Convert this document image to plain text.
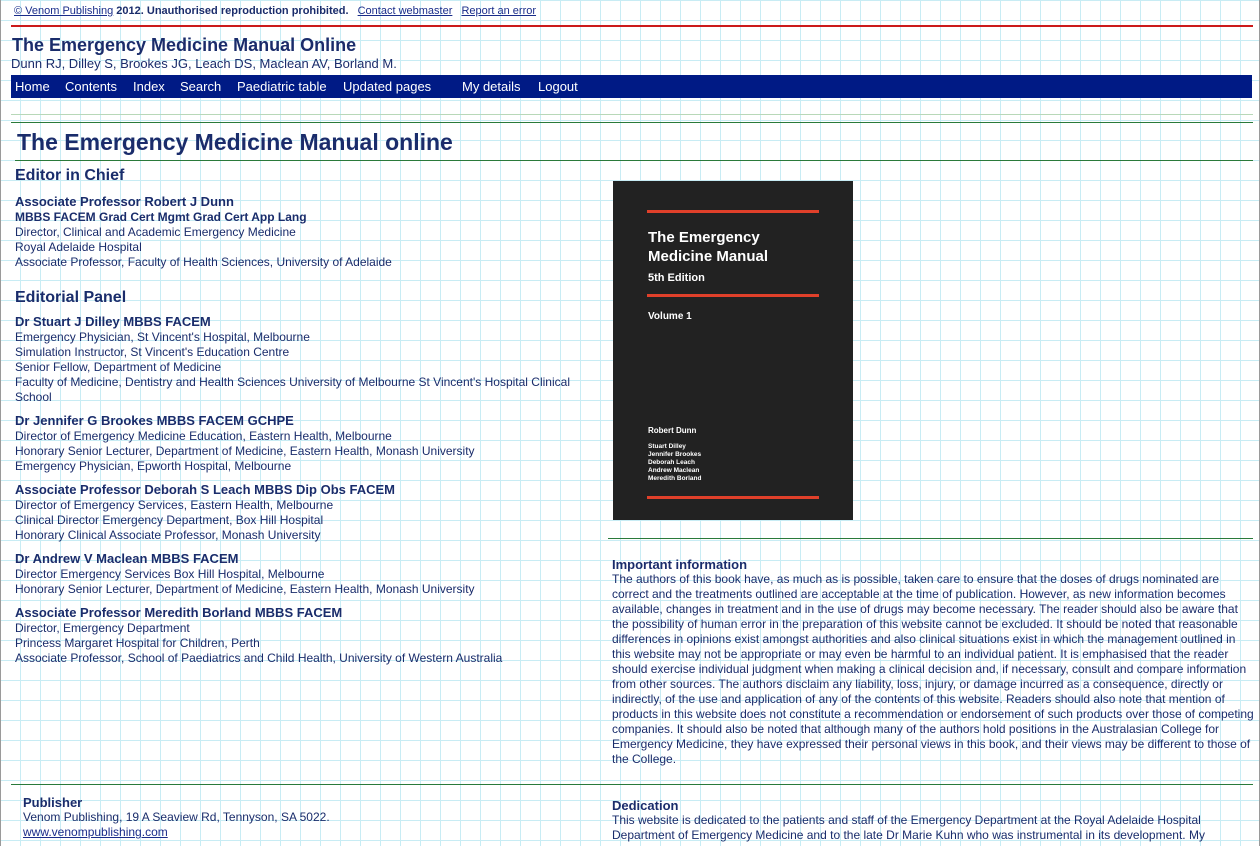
© Venom Publishing 2012. Unauthorised reproduction prohibited. Contact webmaster Report an error
The Emergency Medicine Manual Online
Dunn RJ, Dilley S, Brookes JG, Leach DS, Maclean AV, Borland M.
Home Contents Index Search Paediatric table Updated pages My details Logout
The Emergency Medicine Manual online
Editor in Chief
Associate Professor Robert J Dunn
MBBS FACEM Grad Cert Mgmt Grad Cert App Lang
Director, Clinical and Academic Emergency Medicine
Royal Adelaide Hospital
Associate Professor, Faculty of Health Sciences, University of Adelaide
Editorial Panel
Dr Stuart J Dilley MBBS FACEM
Emergency Physician, St Vincent's Hospital, Melbourne
Simulation Instructor, St Vincent's Education Centre
Senior Fellow, Department of Medicine
Faculty of Medicine, Dentistry and Health Sciences University of Melbourne St Vincent's Hospital Clinical School
Dr Jennifer G Brookes MBBS FACEM GCHPE
Director of Emergency Medicine Education, Eastern Health, Melbourne
Honorary Senior Lecturer, Department of Medicine, Eastern Health, Monash University
Emergency Physician, Epworth Hospital, Melbourne
Associate Professor Deborah S Leach MBBS Dip Obs FACEM
Director of Emergency Services, Eastern Health, Melbourne
Clinical Director Emergency Department, Box Hill Hospital
Honorary Clinical Associate Professor, Monash University
Dr Andrew V Maclean MBBS FACEM
Director Emergency Services Box Hill Hospital, Melbourne
Honorary Senior Lecturer, Department of Medicine, Eastern Health, Monash University
Associate Professor Meredith Borland MBBS FACEM
Director, Emergency Department
Princess Margaret Hospital for Children, Perth
Associate Professor, School of Paediatrics and Child Health, University of Western Australia
The Emergency
Medicine Manual
5th Edition
Volume 1
Robert Dunn
Stuart Dilley
Jennifer Brookes
Deborah Leach
Andrew Maclean
Meredith Borland
Important information
The authors of this book have, as much as is possible, taken care to ensure that the doses of drugs nominated are correct and the treatments outlined are acceptable at the time of publication. However, as new information becomes available, changes in treatment and in the use of drugs may become necessary. The reader should also be aware that the possibility of human error in the preparation of this website cannot be excluded. It should be noted that reasonable differences in opinions exist amongst authorities and also clinical situations exist in which the management outlined in this website may not be appropriate or may even be harmful to an individual patient. It is emphasised that the reader should exercise individual judgment when making a clinical decision and, if necessary, consult and compare information from other sources. The authors disclaim any liability, loss, injury, or damage incurred as a consequence, directly or indirectly, of the use and application of any of the contents of this website. Readers should also note that mention of products in this website does not constitute a recommendation or endorsement of such products over those of competing companies. It should also be noted that although many of the authors hold positions in the Australasian College for Emergency Medicine, they have expressed their personal views in this book, and their views may be different to those of the College.
Publisher
Venom Publishing, 19 A Seaview Rd, Tennyson, SA 5022.
www.venompublishing.com
Dedication
This website is dedicated to the patients and staff of the Emergency Department at the Royal Adelaide Hospital Department of Emergency Medicine and to the late Dr Marie Kuhn who was instrumental in its development. My
